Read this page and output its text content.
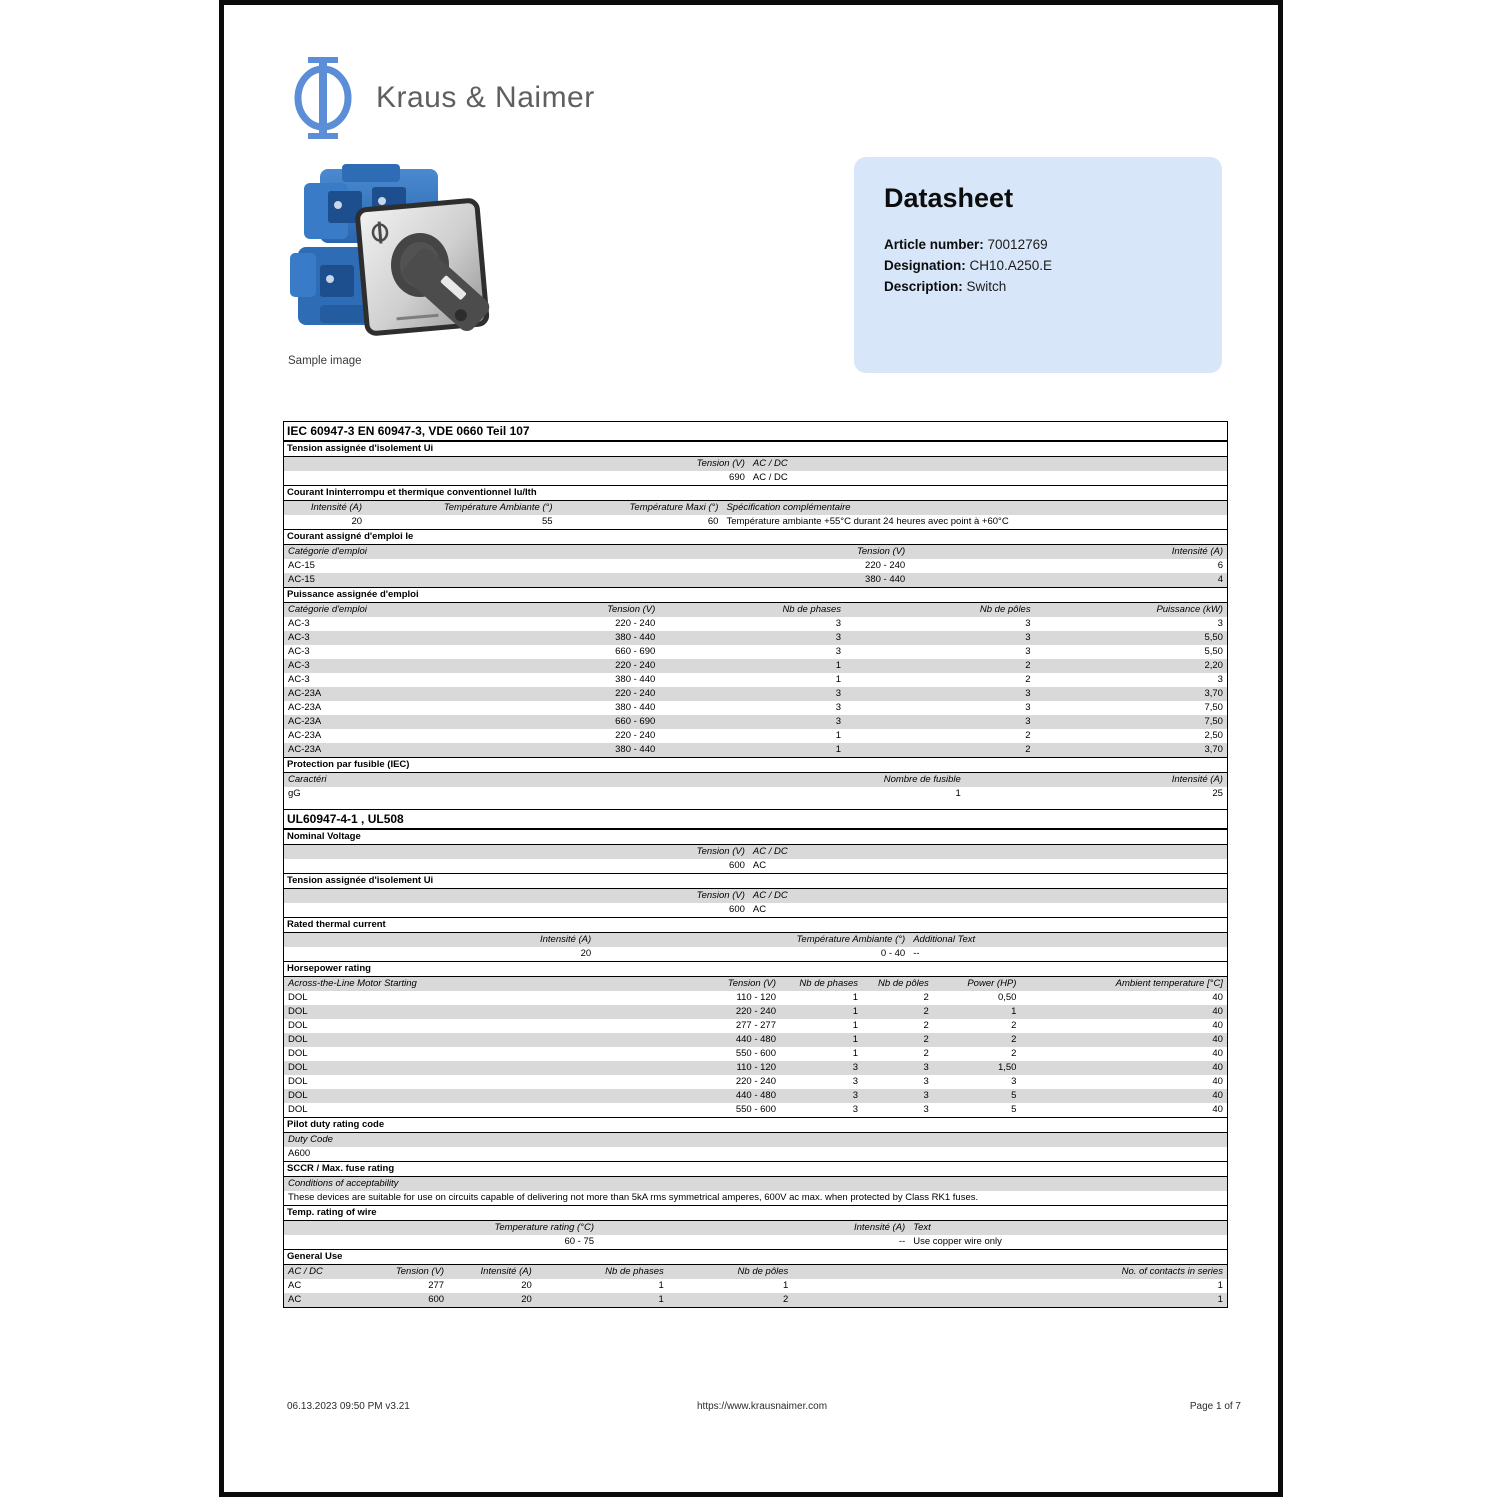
Kraus & Naimer
Sample image
Datasheet
Article number: 70012769
Designation: CH10.A250.E
Description: Switch
IEC 60947-3 EN 60947-3, VDE 0660 Teil 107
Tension assignée d'isolement Ui
Tension (V) AC / DC
690 AC / DC
Courant Ininterrompu et thermique conventionnel Iu/Ith
Intensité (A)	Température Ambiante (°)	Température Maxi (°) Spécification complémentaire
20	55	60 Température ambiante +55°C durant 24 heures avec point à +60°C
Courant assigné d'emploi Ie
Catégorie d'emploi	Tension (V)	Intensité (A)
AC-15	220 - 240	6
AC-15	380 - 440	4
Puissance assignée d'emploi
Catégorie d'emploi	Tension (V)	Nb de phases	Nb de pôles	Puissance (kW)
AC-3	220 - 240	3	3	3
AC-3	380 - 440	3	3	5,50
AC-3	660 - 690	3	3	5,50
AC-3	220 - 240	1	2	2,20
AC-3	380 - 440	1	2	3
AC-23A	220 - 240	3	3	3,70
AC-23A	380 - 440	3	3	7,50
AC-23A	660 - 690	3	3	7,50
AC-23A	220 - 240	1	2	2,50
AC-23A	380 - 440	1	2	3,70
Protection par fusible (IEC)
Caractéri	Nombre de fusible	Intensité (A)
gG	1	25
UL60947-4-1 , UL508
Nominal Voltage
Tension (V) AC / DC
600 AC
Tension assignée d'isolement Ui
Tension (V) AC / DC
600 AC
Rated thermal current
Intensité (A)	Température Ambiante (°) Additional Text
20	0 - 40 --
Horsepower rating
Across-the-Line Motor Starting	Tension (V)	Nb de phases	Nb de pôles	Power (HP)	Ambient temperature [°C]
DOL	110 - 120	1	2	0,50	40
DOL	220 - 240	1	2	1	40
DOL	277 - 277	1	2	2	40
DOL	440 - 480	1	2	2	40
DOL	550 - 600	1	2	2	40
DOL	110 - 120	3	3	1,50	40
DOL	220 - 240	3	3	3	40
DOL	440 - 480	3	3	5	40
DOL	550 - 600	3	3	5	40
Pilot duty rating code
Duty Code
A600
SCCR / Max. fuse rating
Conditions of acceptability
These devices are suitable for use on circuits capable of delivering not more than 5kA rms symmetrical amperes, 600V ac max. when protected by Class RK1 fuses.
Temp. rating of wire
Temperature rating (°C)	Intensité (A) Text
60 - 75	-- Use copper wire only
General Use
AC / DC	Tension (V)	Intensité (A)	Nb de phases	Nb de pôles	No. of contacts in series
AC	277	20	1	1	1
AC	600	20	1	2	1
06.13.2023 09:50 PM v3.21	https://www.krausnaimer.com	Page 1 of 7
